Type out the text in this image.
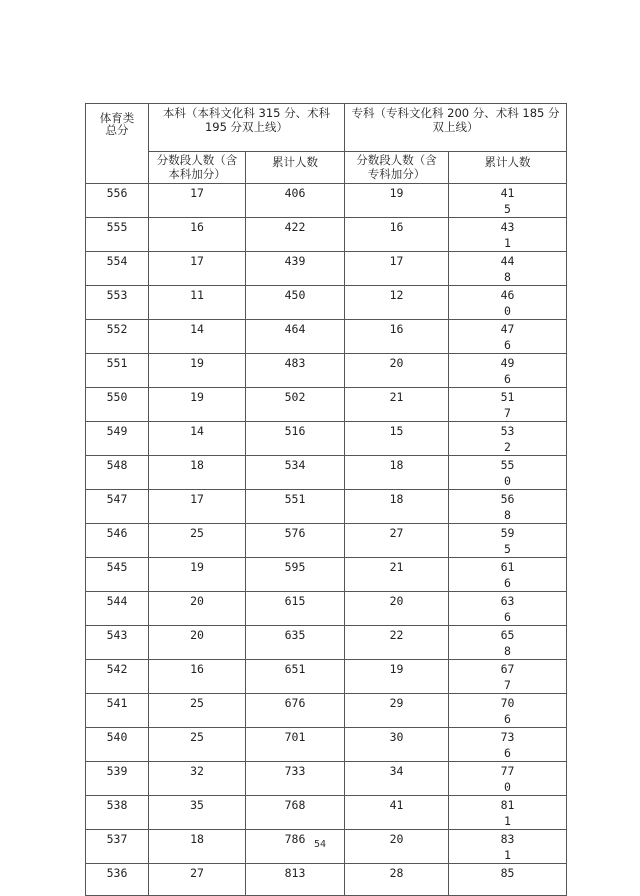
体育类总分	本科（本科文化科 315 分、术科 195 分双上线）		专科（专科文化科 200 分、术科 185 分双上线）	

	分数段人数（含本科加分）	累计人数	分数段人数（含专科加分）	累计人数

556	17	406	19	415

555	16	422	16	431

554	17	439	17	448

553	11	450	12	460

552	14	464	16	476

551	19	483	20	496

550	19	502	21	517

549	14	516	15	532

548	18	534	18	550

547	17	551	18	568

546	25	576	27	595

545	19	595	21	616

544	20	615	20	636

543	20	635	22	658

542	16	651	19	677

541	25	676	29	706

540	25	701	30	736

539	32	733	34	770

538	35	768	41	811

537	18	786	20	831

536	27	813	28	85
54
